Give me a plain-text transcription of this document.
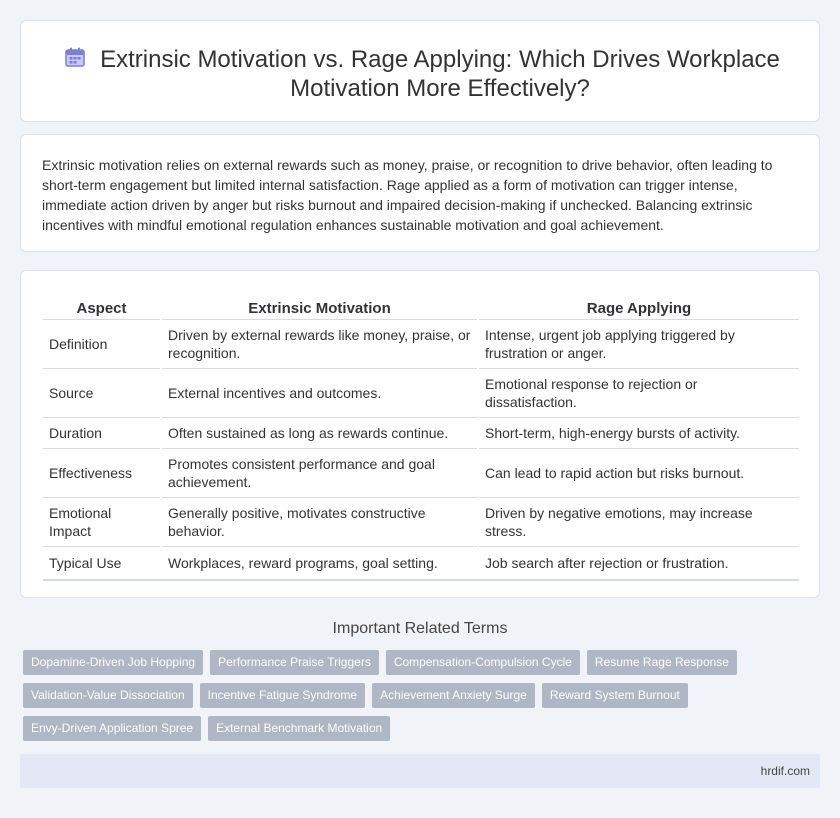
Extrinsic Motivation vs. Rage Applying: Which Drives Workplace Motivation More Effectively?

Extrinsic motivation relies on external rewards such as money, praise, or recognition to drive behavior, often leading to short-term engagement but limited internal satisfaction. Rage applied as a form of motivation can trigger intense, immediate action driven by anger but risks burnout and impaired decision-making if unchecked. Balancing extrinsic incentives with mindful emotional regulation enhances sustainable motivation and goal achievement.

Aspect	Extrinsic Motivation	Rage Applying
Definition	Driven by external rewards like money, praise, or recognition.	Intense, urgent job applying triggered by frustration or anger.
Source	External incentives and outcomes.	Emotional response to rejection or dissatisfaction.
Duration	Often sustained as long as rewards continue.	Short-term, high-energy bursts of activity.
Effectiveness	Promotes consistent performance and goal achievement.	Can lead to rapid action but risks burnout.
Emotional Impact	Generally positive, motivates constructive behavior.	Driven by negative emotions, may increase stress.
Typical Use	Workplaces, reward programs, goal setting.	Job search after rejection or frustration.
Important Related Terms
Dopamine-Driven Job Hopping	Performance Praise Triggers	Compensation-Compulsion Cycle	Resume Rage Response
Validation-Value Dissociation	Incentive Fatigue Syndrome	Achievement Anxiety Surge	Reward System Burnout
Envy-Driven Application Spree	External Benchmark Motivation
hrdif.com
